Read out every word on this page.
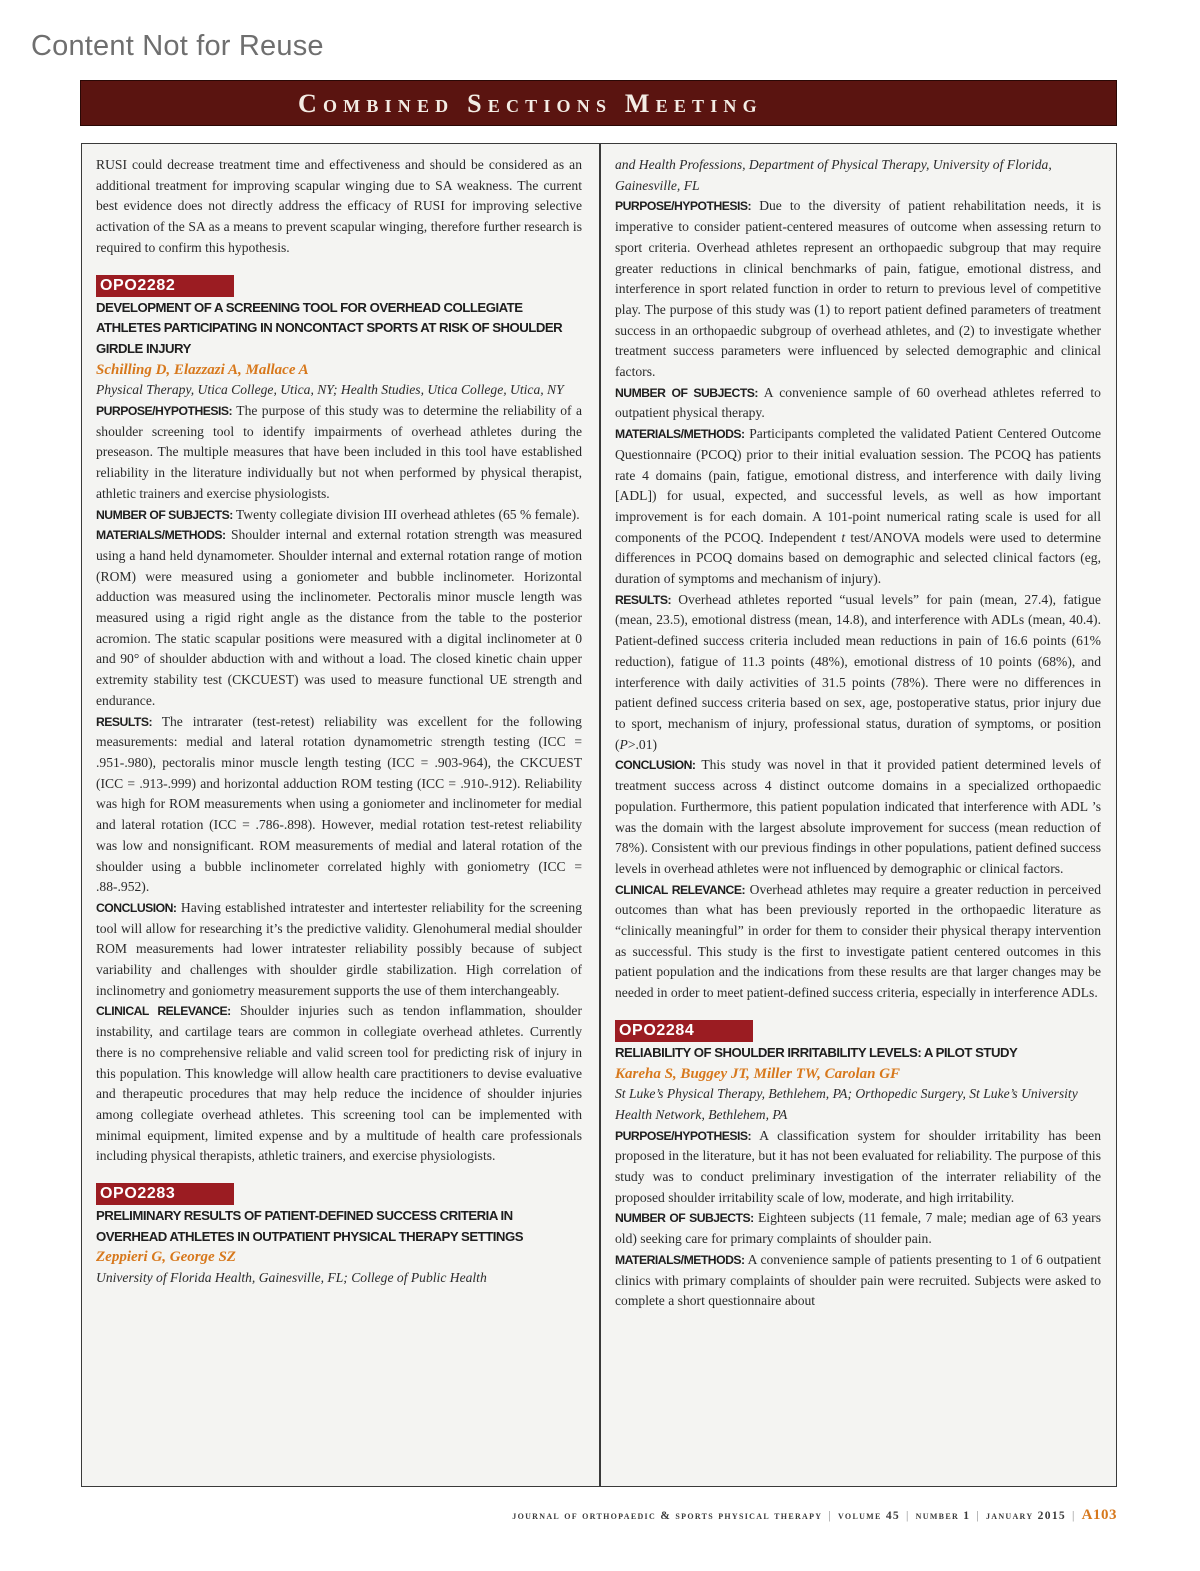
Content Not for Reuse
Combined Sections Meeting

RUSI could decrease treatment time and effectiveness and should be considered as an additional treatment for improving scapular winging due to SA weakness. The current best evidence does not directly address the efficacy of RUSI for improving selective activation of the SA as a means to prevent scapular winging, therefore further research is required to confirm this hypothesis.

OPO2282
DEVELOPMENT OF A SCREENING TOOL FOR OVERHEAD COLLEGIATE ATHLETES PARTICIPATING IN NONCONTACT SPORTS AT RISK OF SHOULDER GIRDLE INJURY
Schilling D, Elazzazi A, Mallace A
Physical Therapy, Utica College, Utica, NY; Health Studies, Utica College, Utica, NY

PURPOSE/HYPOTHESIS: The purpose of this study was to determine the reliability of a shoulder screening tool to identify impairments of overhead athletes during the preseason. The multiple measures that have been included in this tool have established reliability in the literature individually but not when performed by physical therapist, athletic trainers and exercise physiologists.

NUMBER OF SUBJECTS: Twenty collegiate division III overhead athletes (65 % female).

MATERIALS/METHODS: Shoulder internal and external rotation strength was measured using a hand held dynamometer. Shoulder internal and external rotation range of motion (ROM) were measured using a goniometer and bubble inclinometer. Horizontal adduction was measured using the inclinometer. Pectoralis minor muscle length was measured using a rigid right angle as the distance from the table to the posterior acromion. The static scapular positions were measured with a digital inclinometer at 0 and 90° of shoulder abduction with and without a load. The closed kinetic chain upper extremity stability test (CKCUEST) was used to measure functional UE strength and endurance.

RESULTS: The intrarater (test-retest) reliability was excellent for the following measurements: medial and lateral rotation dynamometric strength testing (ICC = .951-.980), pectoralis minor muscle length testing (ICC = .903-964), the CKCUEST (ICC = .913-.999) and horizontal adduction ROM testing (ICC = .910-.912). Reliability was high for ROM measurements when using a goniometer and inclinometer for medial and lateral rotation (ICC = .786-.898). However, medial rotation test-retest reliability was low and nonsignificant. ROM measurements of medial and lateral rotation of the shoulder using a bubble inclinometer correlated highly with goniometry (ICC = .88-.952).

CONCLUSION: Having established intratester and intertester reliability for the screening tool will allow for researching it’s the predictive validity. Glenohumeral medial shoulder ROM measurements had lower intratester reliability possibly because of subject variability and challenges with shoulder girdle stabilization. High correlation of inclinometry and goniometry measurement supports the use of them interchangeably.

CLINICAL RELEVANCE: Shoulder injuries such as tendon inflammation, shoulder instability, and cartilage tears are common in collegiate overhead athletes. Currently there is no comprehensive reliable and valid screen tool for predicting risk of injury in this population. This knowledge will allow health care practitioners to devise evaluative and therapeutic procedures that may help reduce the incidence of shoulder injuries among collegiate overhead athletes. This screening tool can be implemented with minimal equipment, limited expense and by a multitude of health care professionals including physical therapists, athletic trainers, and exercise physiologists.

OPO2283
PRELIMINARY RESULTS OF PATIENT-DEFINED SUCCESS CRITERIA IN OVERHEAD ATHLETES IN OUTPATIENT PHYSICAL THERAPY SETTINGS
Zeppieri G, George SZ
University of Florida Health, Gainesville, FL; College of Public Health
and Health Professions, Department of Physical Therapy, University of Florida, Gainesville, FL

PURPOSE/HYPOTHESIS: Due to the diversity of patient rehabilitation needs, it is imperative to consider patient-centered measures of outcome when assessing return to sport criteria. Overhead athletes represent an orthopaedic subgroup that may require greater reductions in clinical benchmarks of pain, fatigue, emotional distress, and interference in sport related function in order to return to previous level of competitive play. The purpose of this study was (1) to report patient defined parameters of treatment success in an orthopaedic subgroup of overhead athletes, and (2) to investigate whether treatment success parameters were influenced by selected demographic and clinical factors.

NUMBER OF SUBJECTS: A convenience sample of 60 overhead athletes referred to outpatient physical therapy.

MATERIALS/METHODS: Participants completed the validated Patient Centered Outcome Questionnaire (PCOQ) prior to their initial evaluation session. The PCOQ has patients rate 4 domains (pain, fatigue, emotional distress, and interference with daily living [ADL]) for usual, expected, and successful levels, as well as how important improvement is for each domain. A 101-point numerical rating scale is used for all components of the PCOQ. Independent t test/ANOVA models were used to determine differences in PCOQ domains based on demographic and selected clinical factors (eg, duration of symptoms and mechanism of injury).

RESULTS: Overhead athletes reported “usual levels” for pain (mean, 27.4), fatigue (mean, 23.5), emotional distress (mean, 14.8), and interference with ADLs (mean, 40.4). Patient-defined success criteria included mean reductions in pain of 16.6 points (61% reduction), fatigue of 11.3 points (48%), emotional distress of 10 points (68%), and interference with daily activities of 31.5 points (78%). There were no differences in patient defined success criteria based on sex, age, postoperative status, prior injury due to sport, mechanism of injury, professional status, duration of symptoms, or position (P>.01)

CONCLUSION: This study was novel in that it provided patient determined levels of treatment success across 4 distinct outcome domains in a specialized orthopaedic population. Furthermore, this patient population indicated that interference with ADL ’s was the domain with the largest absolute improvement for success (mean reduction of 78%). Consistent with our previous findings in other populations, patient defined success levels in overhead athletes were not influenced by demographic or clinical factors.

CLINICAL RELEVANCE: Overhead athletes may require a greater reduction in perceived outcomes than what has been previously reported in the orthopaedic literature as “clinically meaningful” in order for them to consider their physical therapy intervention as successful. This study is the first to investigate patient centered outcomes in this patient population and the indications from these results are that larger changes may be needed in order to meet patient-defined success criteria, especially in interference ADLs.

OPO2284
RELIABILITY OF SHOULDER IRRITABILITY LEVELS: A PILOT STUDY
Kareha S, Buggey JT, Miller TW, Carolan GF
St Luke’s Physical Therapy, Bethlehem, PA; Orthopedic Surgery, St Luke’s University Health Network, Bethlehem, PA

PURPOSE/HYPOTHESIS: A classification system for shoulder irritability has been proposed in the literature, but it has not been evaluated for reliability. The purpose of this study was to conduct preliminary investigation of the interrater reliability of the proposed shoulder irritability scale of low, moderate, and high irritability.

NUMBER OF SUBJECTS: Eighteen subjects (11 female, 7 male; median age of 63 years old) seeking care for primary complaints of shoulder pain.

MATERIALS/METHODS: A convenience sample of patients presenting to 1 of 6 outpatient clinics with primary complaints of shoulder pain were recruited. Subjects were asked to complete a short questionnaire about

journal of orthopaedic & sports physical therapy | volume 45 | number 1 | january 2015 | A103
